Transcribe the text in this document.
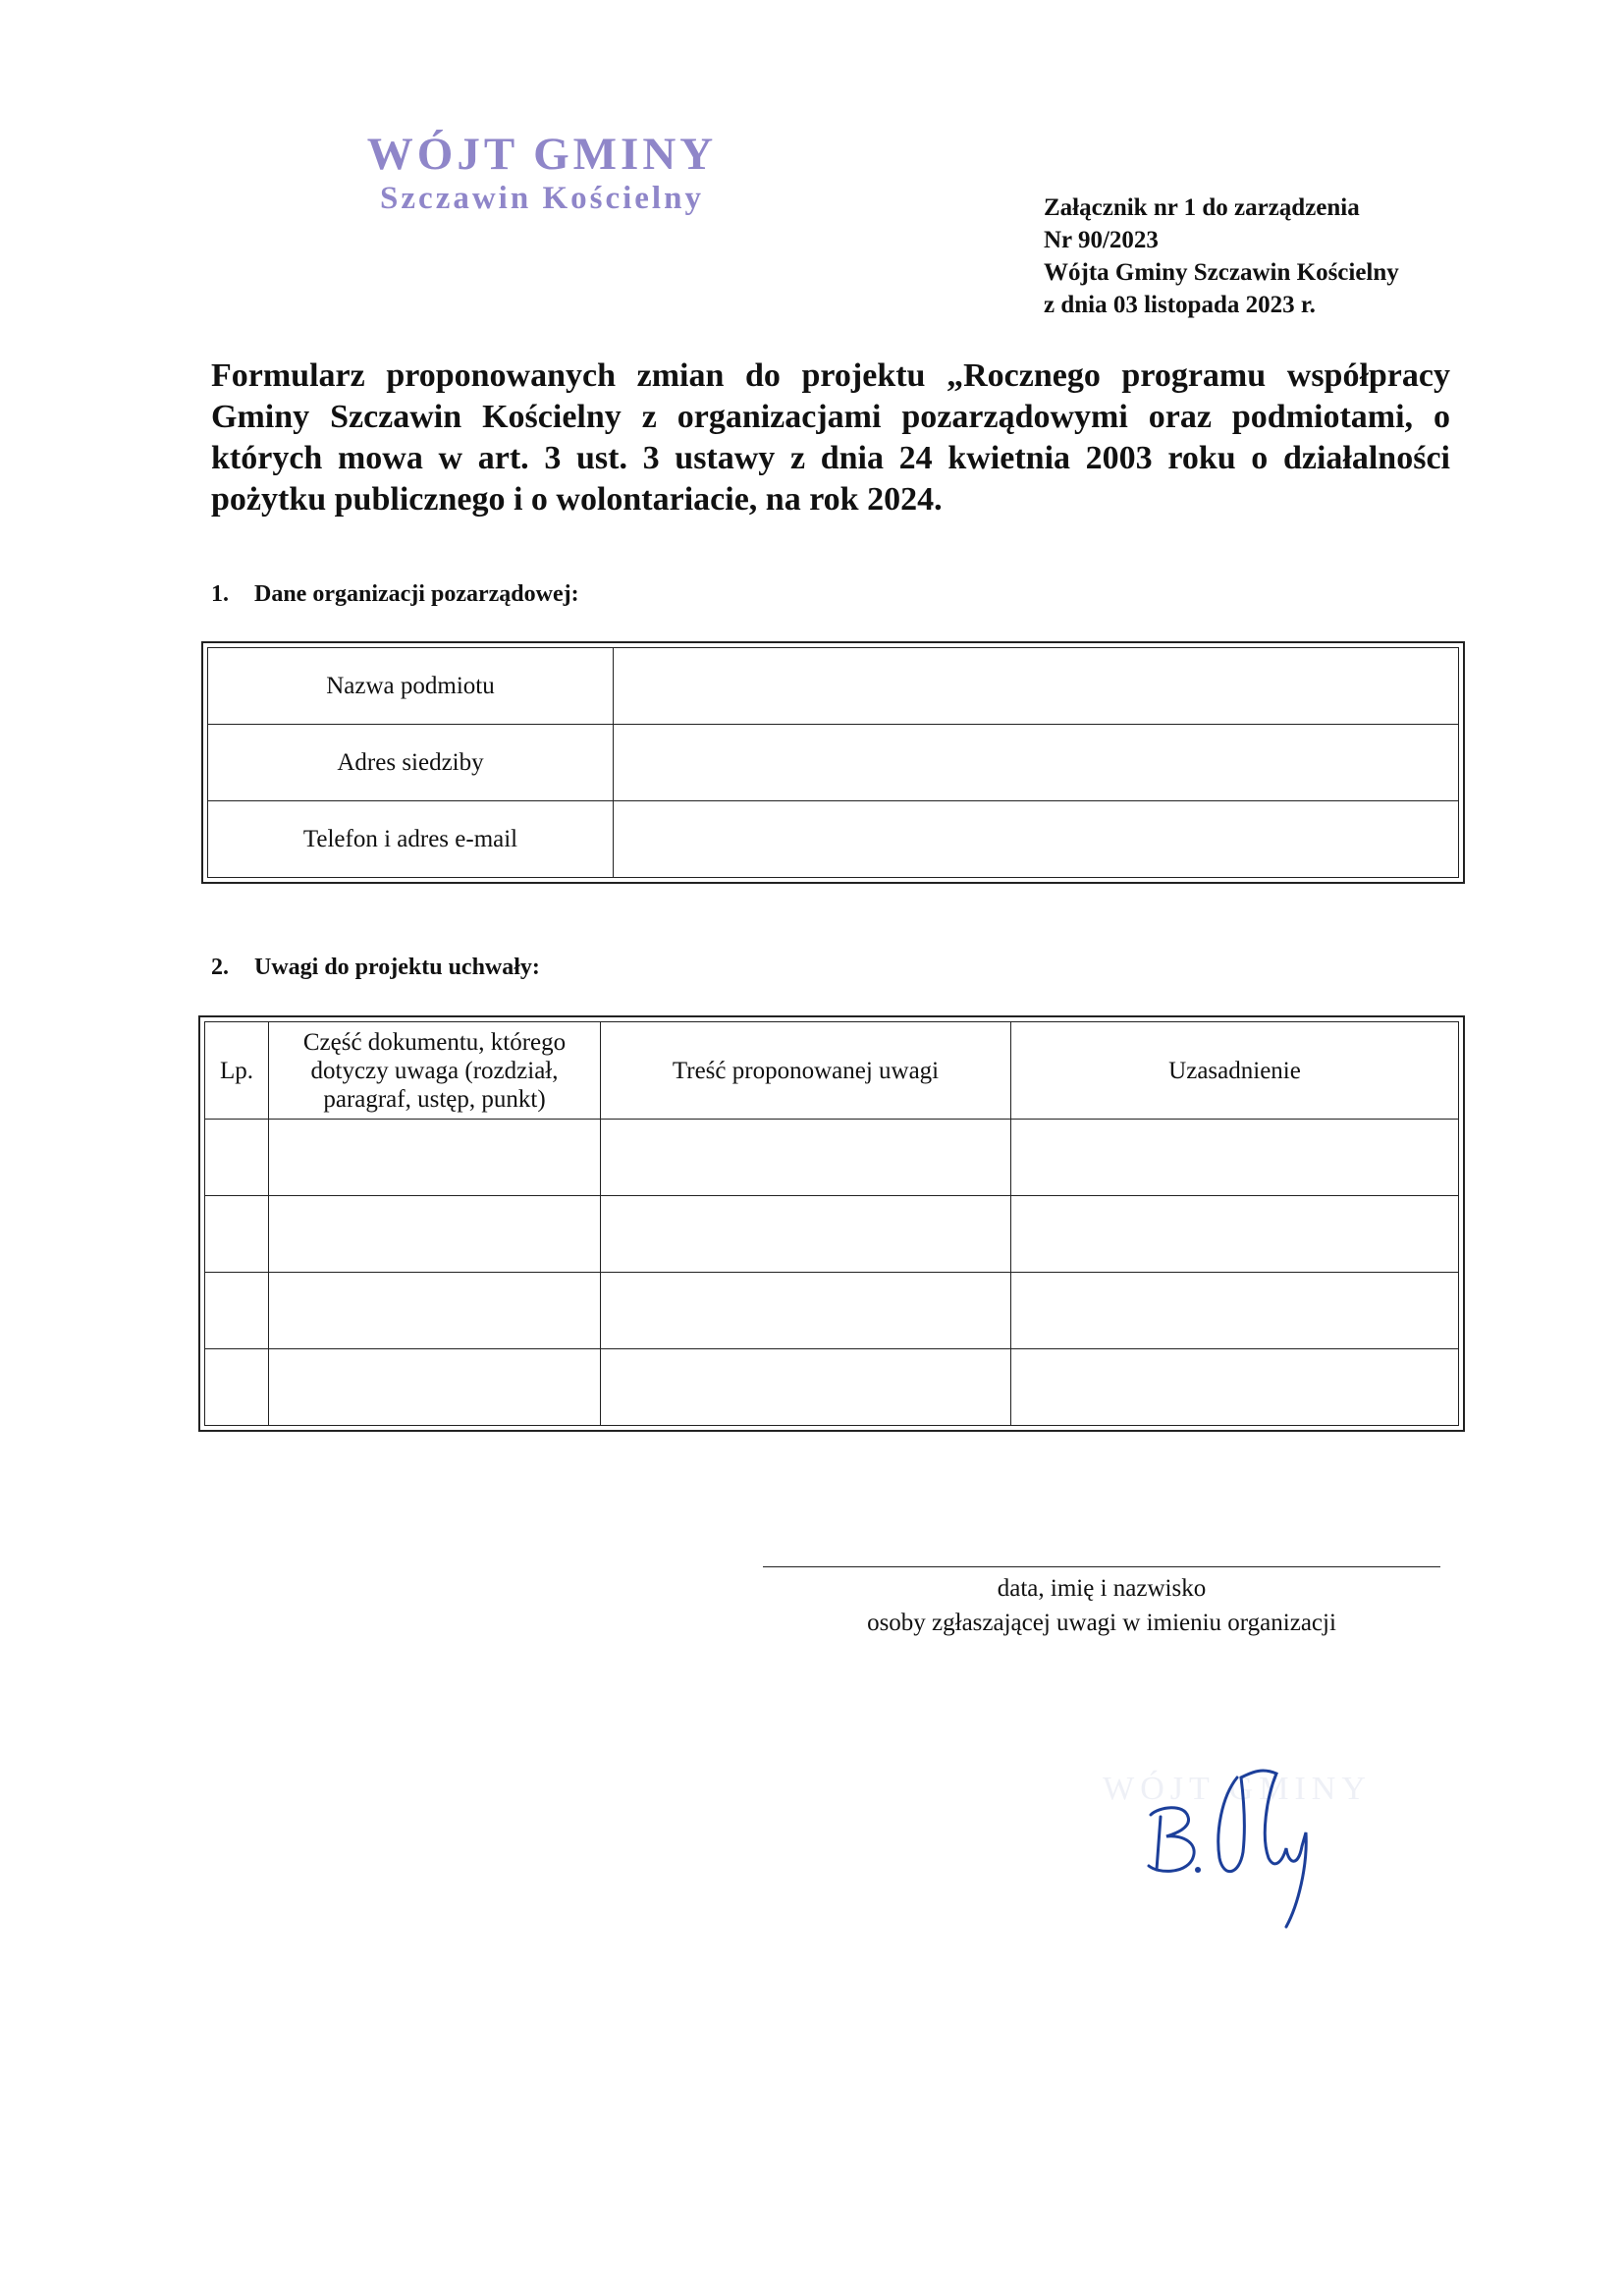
WÓJT GMINY
Szczawin Kościelny	Załącznik nr 1 do zarządzenia
Nr 90/2023
Wójta Gminy Szczawin Kościelny
z dnia 03 listopada 2023 r.
Formularz proponowanych zmian do projektu „Rocznego programu współpracy Gminy Szczawin Kościelny z organizacjami pozarządowymi oraz podmiotami, o których mowa w art. 3 ust. 3 ustawy z dnia 24 kwietnia 2003 roku o działalności pożytku publicznego i o wolontariacie, na rok 2024.
1. Dane organizacji pozarządowej:
Nazwa podmiotu	
Adres siedziby	
Telefon i adres e-mail	
2. Uwagi do projektu uchwały:
Lp.	Część dokumentu, którego dotyczy uwaga (rozdział, paragraf, ustęp, punkt)	Treść proponowanej uwagi	Uzasadnienie

data, imię i nazwisko
osoby zgłaszającej uwagi w imieniu organizacji
WÓJT GMINY
